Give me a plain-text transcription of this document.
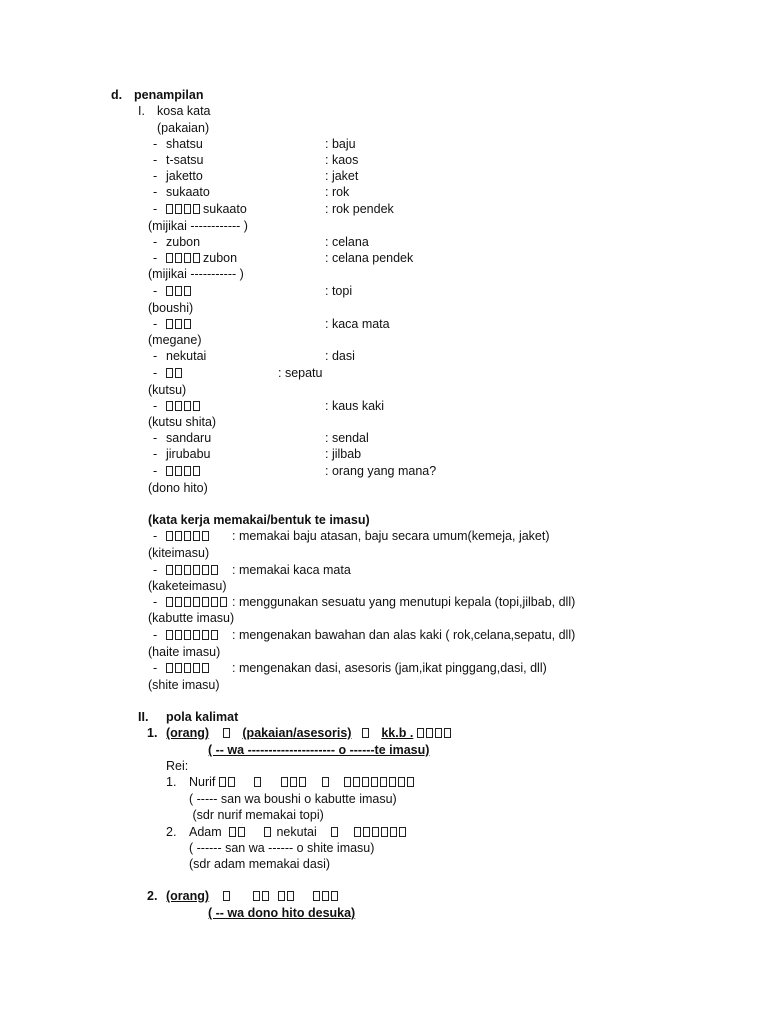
d. penampilan
I. kosa kata
(pakaian)
- shatsu	: baju
- t-satsu	: kaos
- jaketto	: jaket
- sukaato	: rok
-	sukaato	: rok pendek
(mijikai ------------ )
- zubon	: celana
-	zubon	: celana pendek
(mijikai ----------- )
-	: topi
(boushi)
-	: kaca mata
(megane)
- nekutai	: dasi
-	: sepatu
(kutsu)
-	: kaus kaki
(kutsu shita)
- sandaru	: sendal
- jirubabu	: jilbab
-	: orang yang mana?
(dono hito)
(kata kerja memakai/bentuk te imasu)
-	: memakai baju atasan, baju secara umum(kemeja, jaket)
(kiteimasu)
-	: memakai kaca mata
(kaketeimasu)
-	: menggunakan sesuatu yang menutupi kepala (topi,jilbab, dll)
(kabutte imasu)
-	: mengenakan bawahan dan alas kaki ( rok,celana,sepatu, dll)
(haite imasu)
-	: mengenakan dasi, asesoris (jam,ikat pinggang,dasi, dll)
(shite imasu)
II. pola kalimat
1. (orang)	(pakaian/asesoris) kk.b .
( -- wa --------------------- o ------te imasu)
Rei:
1. Nurif
( ----- san wa boushi o kabutte imasu)
(sdr nurif memakai topi)
2. Adam	nekutai
( ------ san wa ------ o shite imasu)
(sdr adam memakai dasi)
2. (orang)
( -- wa dono hito desuka)
